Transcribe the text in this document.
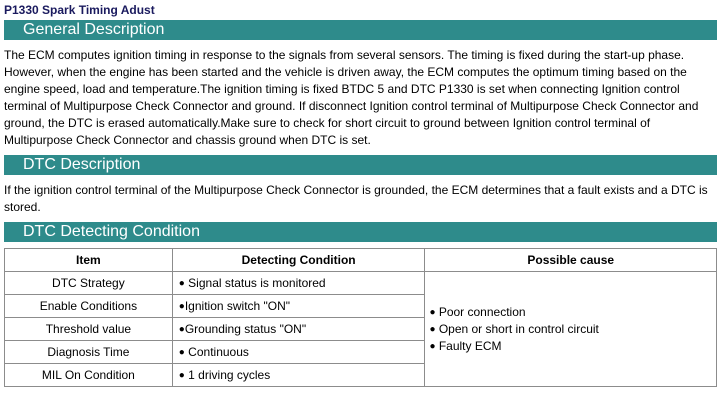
P1330 Spark Timing Adust
General Description

The ECM computes ignition timing in response to the signals from several sensors. The timing is fixed during the start-up phase. However, when the engine has been started and the vehicle is driven away, the ECM computes the optimum timing based on the engine speed, load and temperature.The ignition timing is fixed BTDC 5 and DTC P1330 is set when connecting Ignition control terminal of Multipurpose Check Connector and ground. If disconnect Ignition control terminal of Multipurpose Check Connector and ground, the DTC is erased automatically.Make sure to check for short circuit to ground between Ignition control terminal of Multipurpose Check Connector and chassis ground when DTC is set.

DTC Description

If the ignition control terminal of the Multipurpose Check Connector is grounded, the ECM determines that a fault exists and a DTC is stored.

DTC Detecting Condition
Item	Detecting Condition	Possible cause
DTC Strategy	● Signal status is monitored	● Poor connection
● Open or short in control circuit
● Faulty ECM

Enable Conditions	●Ignition switch "ON"	
Threshold value	●Grounding status "ON"	
Diagnosis Time	● Continuous	
MIL On Condition	● 1 driving cycles	
